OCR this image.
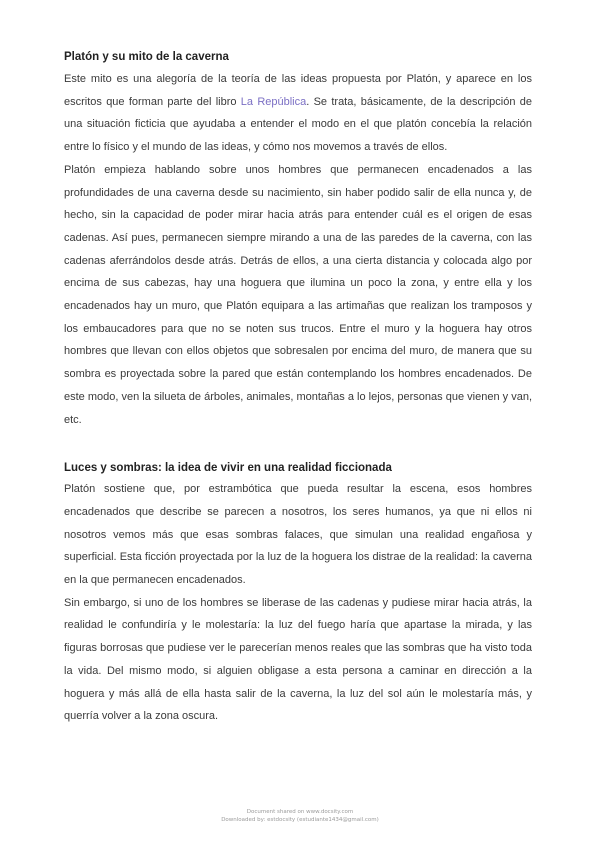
Platón y su mito de la caverna

Este mito es una alegoría de la teoría de las ideas propuesta por Platón, y aparece en los escritos que forman parte del libro La República. Se trata, básicamente, de la descripción de una situación ficticia que ayudaba a entender el modo en el que platón concebía la relación entre lo físico y el mundo de las ideas, y cómo nos movemos a través de ellos.

Platón empieza hablando sobre unos hombres que permanecen encadenados a las profundidades de una caverna desde su nacimiento, sin haber podido salir de ella nunca y, de hecho, sin la capacidad de poder mirar hacia atrás para entender cuál es el origen de esas cadenas. Así pues, permanecen siempre mirando a una de las paredes de la caverna, con las cadenas aferrándolos desde atrás. Detrás de ellos, a una cierta distancia y colocada algo por encima de sus cabezas, hay una hoguera que ilumina un poco la zona, y entre ella y los encadenados hay un muro, que Platón equipara a las artimañas que realizan los tramposos y los embaucadores para que no se noten sus trucos. Entre el muro y la hoguera hay otros hombres que llevan con ellos objetos que sobresalen por encima del muro, de manera que su sombra es proyectada sobre la pared que están contemplando los hombres encadenados. De este modo, ven la silueta de árboles, animales, montañas a lo lejos, personas que vienen y van, etc.

Luces y sombras: la idea de vivir en una realidad ficcionada

Platón sostiene que, por estrambótica que pueda resultar la escena, esos hombres encadenados que describe se parecen a nosotros, los seres humanos, ya que ni ellos ni nosotros vemos más que esas sombras falaces, que simulan una realidad engañosa y superficial. Esta ficción proyectada por la luz de la hoguera los distrae de la realidad: la caverna en la que permanecen encadenados.

Sin embargo, si uno de los hombres se liberase de las cadenas y pudiese mirar hacia atrás, la realidad le confundiría y le molestaría: la luz del fuego haría que apartase la mirada, y las figuras borrosas que pudiese ver le parecerían menos reales que las sombras que ha visto toda la vida. Del mismo modo, si alguien obligase a esta persona a caminar en dirección a la hoguera y más allá de ella hasta salir de la caverna, la luz del sol aún le molestaría más, y querría volver a la zona oscura.

Document shared on www.docsity.com
Downloaded by: estdocsity (estudiante1434@gmail.com)
